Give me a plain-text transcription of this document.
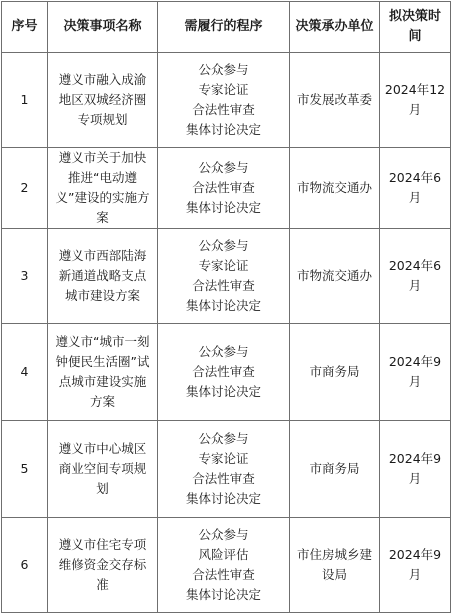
序号	决策事项名称	需履行的程序	决策承办单位	拟决策时间
1	遵义市融入成渝地区双城经济圈专项规划	公众参与
专家论证
合法性审查
集体讨论决定	市发展改革委	2024年12月
2	遵义市关于加快推进“电动遵义”建设的实施方案	公众参与
合法性审查
集体讨论决定	市物流交通办	2024年6月
3	遵义市西部陆海新通道战略支点城市建设方案	公众参与
专家论证
合法性审查
集体讨论决定	市物流交通办	2024年6月
4	遵义市“城市一刻钟便民生活圈”试点城市建设实施方案	公众参与
合法性审查
集体讨论决定	市商务局	2024年9月
5	遵义市中心城区商业空间专项规划	公众参与
专家论证
合法性审查
集体讨论决定	市商务局	2024年9月
6	遵义市住宅专项维修资金交存标准	公众参与
风险评估
合法性审查
集体讨论决定	市住房城乡建设局	2024年9月
